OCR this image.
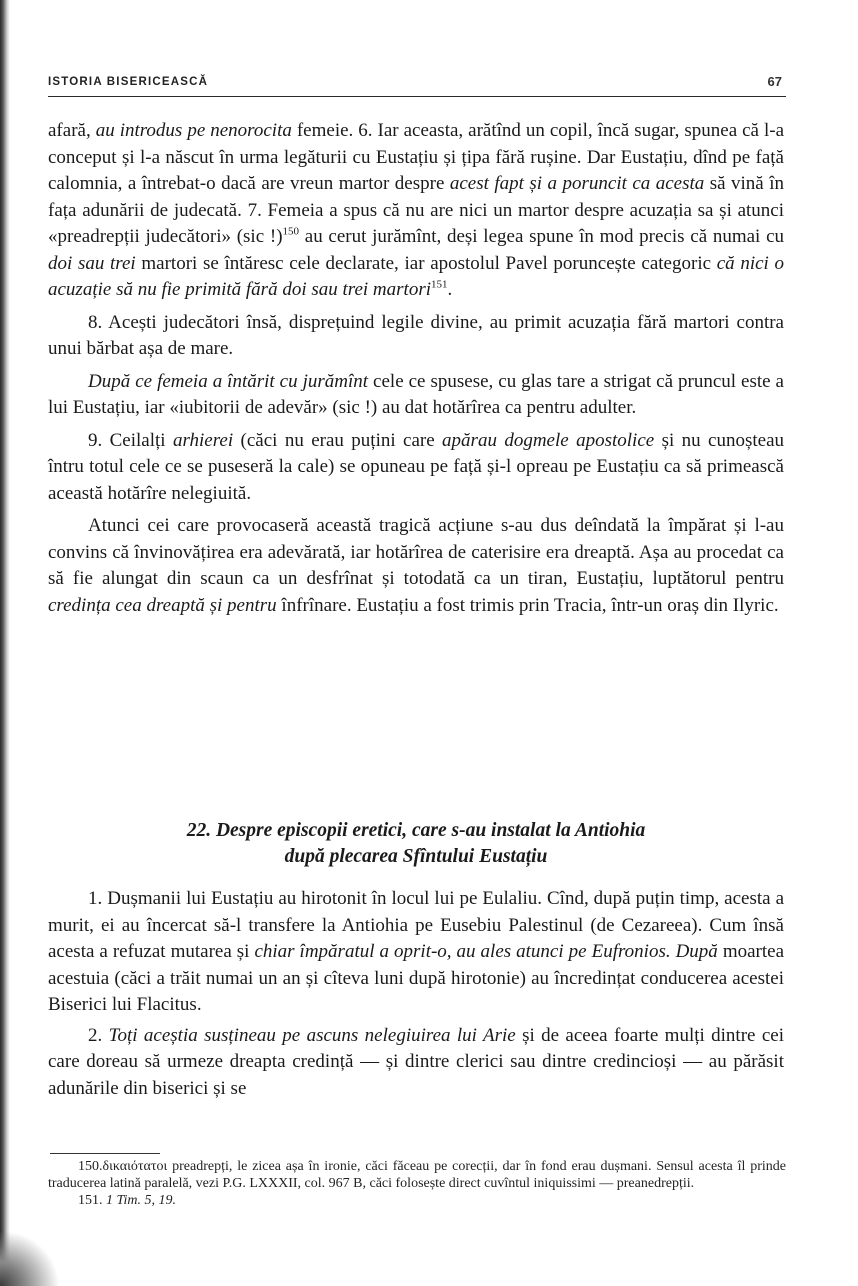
ISTORIA BISERICEASCĂ	67

afară, au introdus pe nenorocita femeie. 6. Iar aceasta, arătînd un copil, încă sugar, spunea că l-a conceput și l-a născut în urma legăturii cu Eustațiu și țipa fără rușine. Dar Eustațiu, dînd pe față calomnia, a întrebat-o dacă are vreun martor despre acest fapt și a poruncit ca acesta să vină în fața adunării de judecată. 7. Femeia a spus că nu are nici un martor despre acuzația sa și atunci «preadrepții judecători» (sic !)$^{150}$ au cerut jurămînt, deși legea spune în mod precis că numai cu doi sau trei martori se întăresc cele declarate, iar apostolul Pavel poruncește categoric că nici o acuzație să nu fie primită fără doi sau trei martori$^{151}$.

8. Acești judecători însă, disprețuind legile divine, au primit acuzația fără martori contra unui bărbat așa de mare.

După ce femeia a întărit cu jurămînt cele ce spusese, cu glas tare a strigat că pruncul este a lui Eustațiu, iar «iubitorii de adevăr» (sic !) au dat hotărîrea ca pentru adulter.

9. Ceilalți arhierei (căci nu erau puțini care apărau dogmele apostolice și nu cunoșteau întru totul cele ce se puseseră la cale) se opuneau pe față și-l opreau pe Eustațiu ca să primească această hotărîre nelegiuită.

Atunci cei care provocaseră această tragică acțiune s-au dus deîndată la împărat și l-au convins că învinovățirea era adevărată, iar hotărîrea de caterisire era dreaptă. Așa au procedat ca să fie alungat din scaun ca un desfrînat și totodată ca un tiran, Eustațiu, luptătorul pentru credința cea dreaptă și pentru înfrînare. Eustațiu a fost trimis prin Tracia, într-un oraș din Ilyric.

22. Despre episcopii eretici, care s-au instalat la Antiohia
după plecarea Sfîntului Eustațiu

1. Dușmanii lui Eustațiu au hirotonit în locul lui pe Eulaliu. Cînd, după puțin timp, acesta a murit, ei au încercat să-l transfere la Antiohia pe Eusebiu Palestinul (de Cezareea). Cum însă acesta a refuzat mutarea și chiar împăratul a oprit-o, au ales atunci pe Eufronios. După moartea acestuia (căci a trăit numai un an și cîteva luni după hirotonie) au încredințat conducerea acestei Biserici lui Flacitus.

2. Toți aceștia susțineau pe ascuns nelegiuirea lui Arie și de aceea foarte mulți dintre cei care doreau să urmeze dreapta credință — și dintre clerici sau dintre credincioși — au părăsit adunările din biserici și se

150.δικαιότατοι preadrepți, le zicea așa în ironie, căci făceau pe corecții, dar în fond erau dușmani. Sensul acesta îl prinde traducerea latină paralelă, vezi P.G. LXXXII, col. 967 B, căci folosește direct cuvîntul iniquissimi — preanedrepții.

151. 1 Tim. 5, 19.
